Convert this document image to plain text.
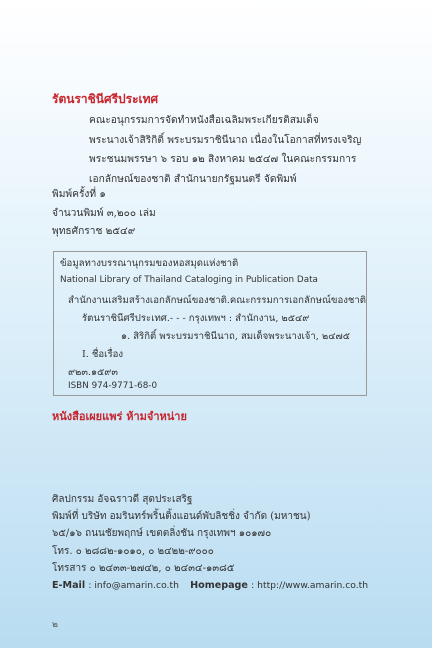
รัตนราชินีศรีประเทศ
คณะอนุกรรมการจัดทำหนังสือเฉลิมพระเกียรติสมเด็จ
พระนางเจ้าสิริกิติ์ พระบรมราชินีนาถ เนื่องในโอกาสที่ทรงเจริญ
พระชนมพรรษา ๖ รอบ ๑๒ สิงหาคม ๒๕๔๗ ในคณะกรรมการ
เอกลักษณ์ของชาติ สำนักนายกรัฐมนตรี จัดพิมพ์
พิมพ์ครั้งที่ ๑
จำนวนพิมพ์ ๓,๒๐๐ เล่ม
พุทธศักราช ๒๕๔๙
ข้อมูลทางบรรณานุกรมของหอสมุดแห่งชาติ
National Library of Thailand Cataloging in Publication Data
สำนักงานเสริมสร้างเอกลักษณ์ของชาติ.คณะกรรมการเอกลักษณ์ของชาติ
รัตนราชินีศรีประเทศ.- - - กรุงเทพฯ : สำนักงาน, ๒๕๔๙
๑. สิริกิติ์ พระบรมราชินีนาถ, สมเด็จพระนางเจ้า, ๒๔๗๕
I. ชื่อเรื่อง
๙๒๓.๑๕๙๓
ISBN 974-9771-68-0
หนังสือเผยแพร่ ห้ามจำหน่าย
ศิลปกรรม อัจฉราวดี สุดประเสริฐ
พิมพ์ที่ บริษัท อมรินทร์พริ้นติ้งแอนด์พับลิชชิ่ง จำกัด (มหาชน)
๖๕/๑๖ ถนนชัยพฤกษ์ เขตตลิ่งชัน กรุงเทพฯ ๑๐๑๗๐
โทร. ๐ ๒๘๘๒-๑๐๑๐, ๐ ๒๔๒๒-๙๐๐๐
โทรสาร ๐ ๒๔๓๓-๒๗๔๒, ๐ ๒๔๓๔-๑๓๘๕
E-Mail : info@amarin.co.th Homepage : http://www.amarin.co.th
๒
